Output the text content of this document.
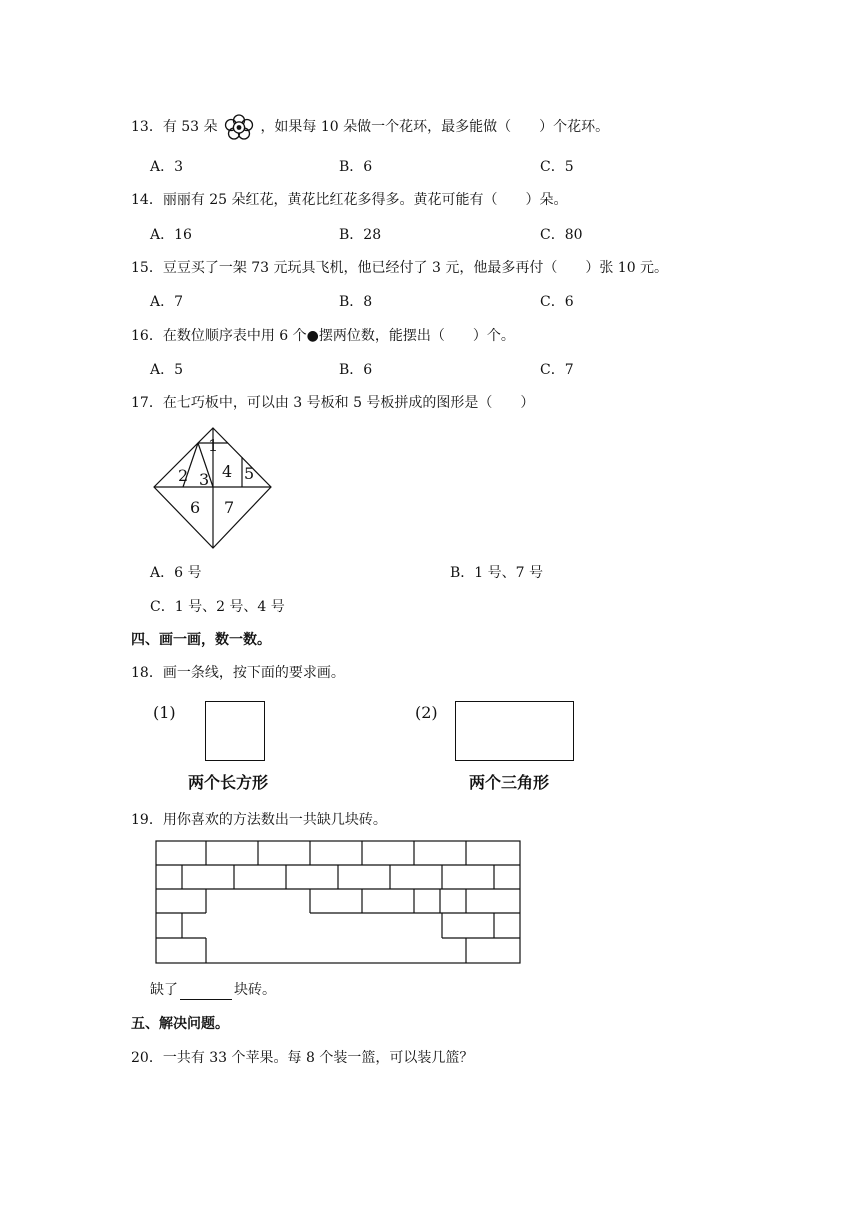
13．有 53 朵	，如果每 10 朵做一个花环，最多能做（　　）个花环。
A．3	B．6	C．5
14．丽丽有 25 朵红花，黄花比红花多得多。黄花可能有（　　）朵。
A．16	B．28	C．80
15．豆豆买了一架 73 元玩具飞机，他已经付了 3 元，他最多再付（　　）张 10 元。
A．7	B．8	C．6
16．在数位顺序表中用 6 个●摆两位数，能摆出（　　）个。
A．5	B．6	C．7
17．在七巧板中，可以由 3 号板和 5 号板拼成的图形是（　　）
1
2 3 4 5
6 7
A．6 号	B．1 号、7 号
C．1 号、2 号、4 号
四、画一画，数一数。
18．画一条线，按下面的要求画。
(1)
两个长方形
(2)
两个三角形
19．用你喜欢的方法数出一共缺几块砖。
缺了	块砖。
五、解决问题。
20．一共有 33 个苹果。每 8 个装一篮，可以装几篮？
